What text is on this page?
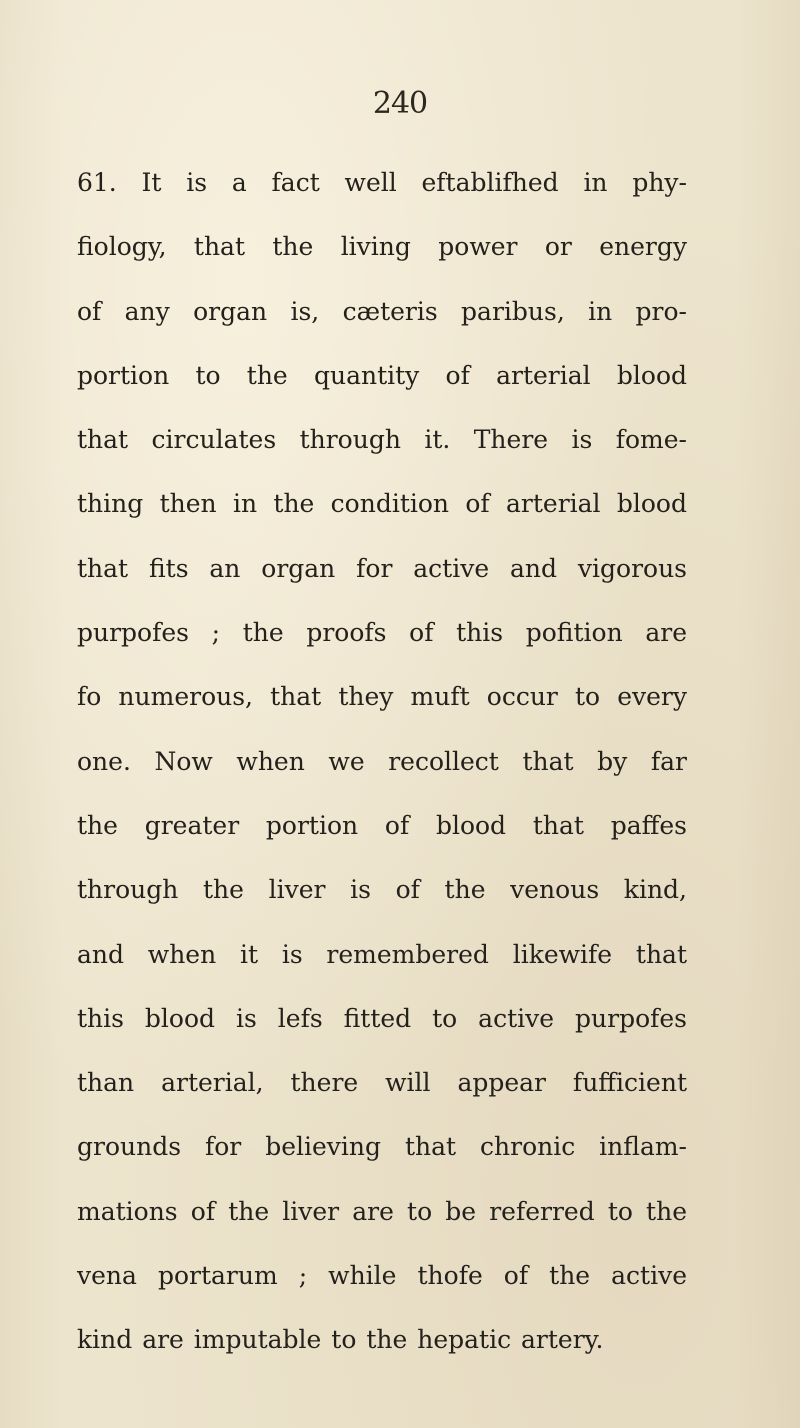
240
61. It is a fact well eftablifhed in phy-
fiology, that the living power or energy
of any organ is, cæteris paribus, in pro-
portion to the quantity of arterial blood
that circulates through it. There is fome-
thing then in the condition of arterial blood
that fits an organ for active and vigorous
purpofes ; the proofs of this pofition are
fo numerous, that they muft occur to every
one. Now when we recollect that by far
the greater portion of blood that paffes
through the liver is of the venous kind,
and when it is remembered likewife that
this blood is lefs fitted to active purpofes
than arterial, there will appear fufficient
grounds for believing that chronic inflam-
mations of the liver are to be referred to the
vena portarum ; while thofe of the active
kind are imputable to the hepatic artery.
